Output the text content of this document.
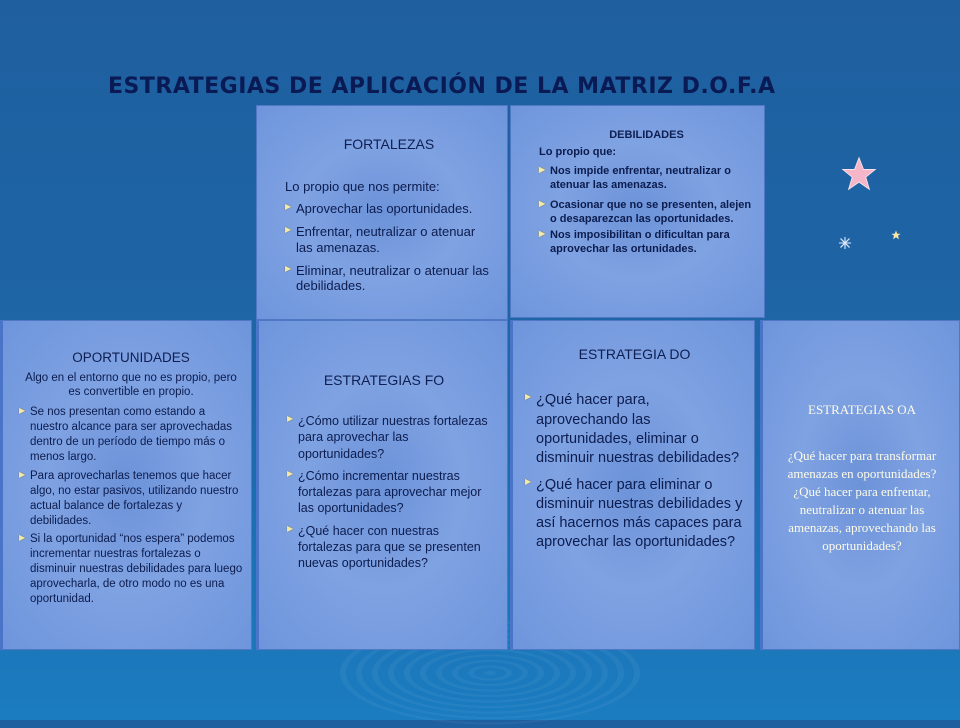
ESTRATEGIAS DE APLICACIÓN DE LA MATRIZ D.O.F.A
FORTALEZAS
Lo propio que nos permite:
▶ Aprovechar las oportunidades.
▶ Enfrentar, neutralizar o atenuar las amenazas.
▶ Eliminar, neutralizar o atenuar las debilidades.
DEBILIDADES
Lo propio que:
▶ Nos impide enfrentar, neutralizar o atenuar las amenazas.
▶ Ocasionar que no se presenten, alejen o desaparezcan las oportunidades.
▶ Nos imposibilitan o dificultan para aprovechar las ortunidades.
OPORTUNIDADES
Algo en el entorno que no es propio, pero es convertible en propio.
▶ Se nos presentan como estando a nuestro alcance para ser aprovechadas dentro de un período de tiempo más o menos largo.
▶ Para aprovecharlas tenemos que hacer algo, no estar pasivos, utilizando nuestro actual balance de fortalezas y debilidades.
▶ Si la oportunidad “nos espera” podemos incrementar nuestras fortalezas o disminuir nuestras debilidades para luego aprovecharla, de otro modo no es una oportunidad.
ESTRATEGIAS FO
▶ ¿Cómo utilizar nuestras fortalezas para aprovechar las oportunidades?
▶ ¿Cómo incrementar nuestras fortalezas para aprovechar mejor las oportunidades?
▶ ¿Qué hacer con nuestras fortalezas para que se presenten nuevas oportunidades?
ESTRATEGIA DO
▶ ¿Qué hacer para, aprovechando las oportunidades, eliminar o disminuir nuestras debilidades?
▶ ¿Qué hacer para eliminar o disminuir nuestras debilidades y así hacernos más capaces para aprovechar las oportunidades?
ESTRATEGIAS OA
¿Qué hacer para transformar amenazas en oportunidades?
¿Qué hacer para enfrentar, neutralizar o atenuar las amenazas, aprovechando las oportunidades?
